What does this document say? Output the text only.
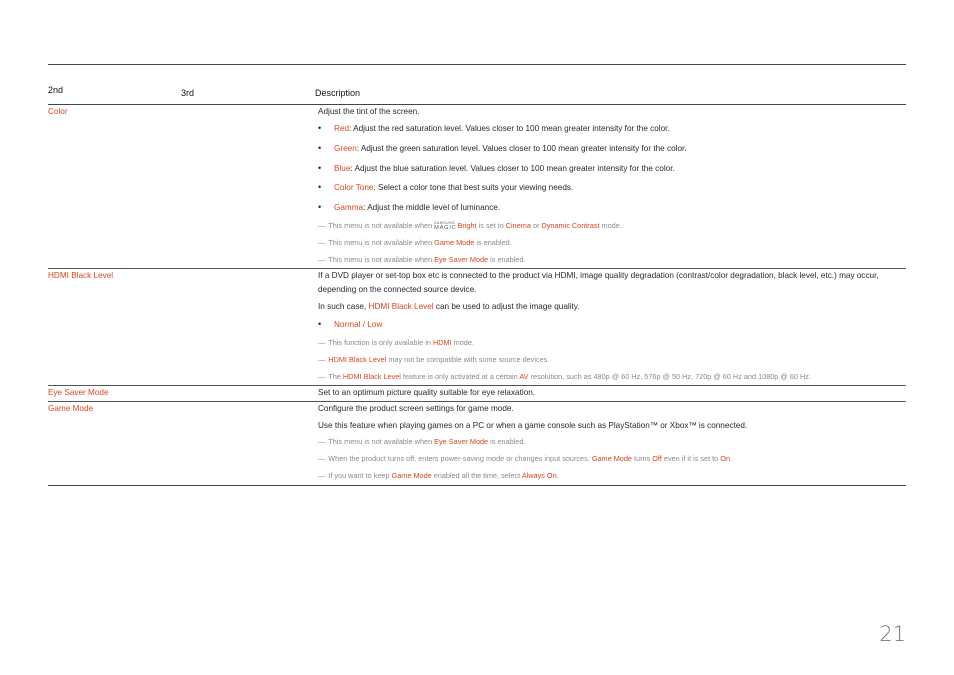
2nd	3rd	Description
Color	Adjust the tint of the screen.
• Red: Adjust the red saturation level. Values closer to 100 mean greater intensity for the color.
• Green: Adjust the green saturation level. Values closer to 100 mean greater intensity for the color.
• Blue: Adjust the blue saturation level. Values closer to 100 mean greater intensity for the color.
• Color Tone: Select a color tone that best suits your viewing needs.
• Gamma: Adjust the middle level of luminance.
— This menu is not available when SAMSUNG
MAGIC Bright is set to Cinema or Dynamic Contrast mode.
— This menu is not available when Game Mode is enabled.
— This menu is not available when Eye Saver Mode is enabled.
HDMI Black Level	If a DVD player or set-top box etc is connected to the product via HDMI, image quality degradation (contrast/color degradation, black level, etc.) may occur, depending on the connected source device.
In such case, HDMI Black Level can be used to adjust the image quality.
• Normal / Low
— This function is only available in HDMI mode.
— HDMI Black Level may not be compatible with some source devices.
— The HDMI Black Level feature is only activated at a certain AV resolution, such as 480p @ 60 Hz, 576p @ 50 Hz, 720p @ 60 Hz and 1080p @ 60 Hz.
Eye Saver Mode	Set to an optimum picture quality suitable for eye relaxation.
Game Mode	Configure the product screen settings for game mode.
Use this feature when playing games on a PC or when a game console such as PlayStation™ or Xbox™ is connected.
— This menu is not available when Eye Saver Mode is enabled.
— When the product turns off, enters power-saving mode or changes input sources, Game Mode turns Off even if it is set to On.
— If you want to keep Game Mode enabled all the time, select Always On.
21
